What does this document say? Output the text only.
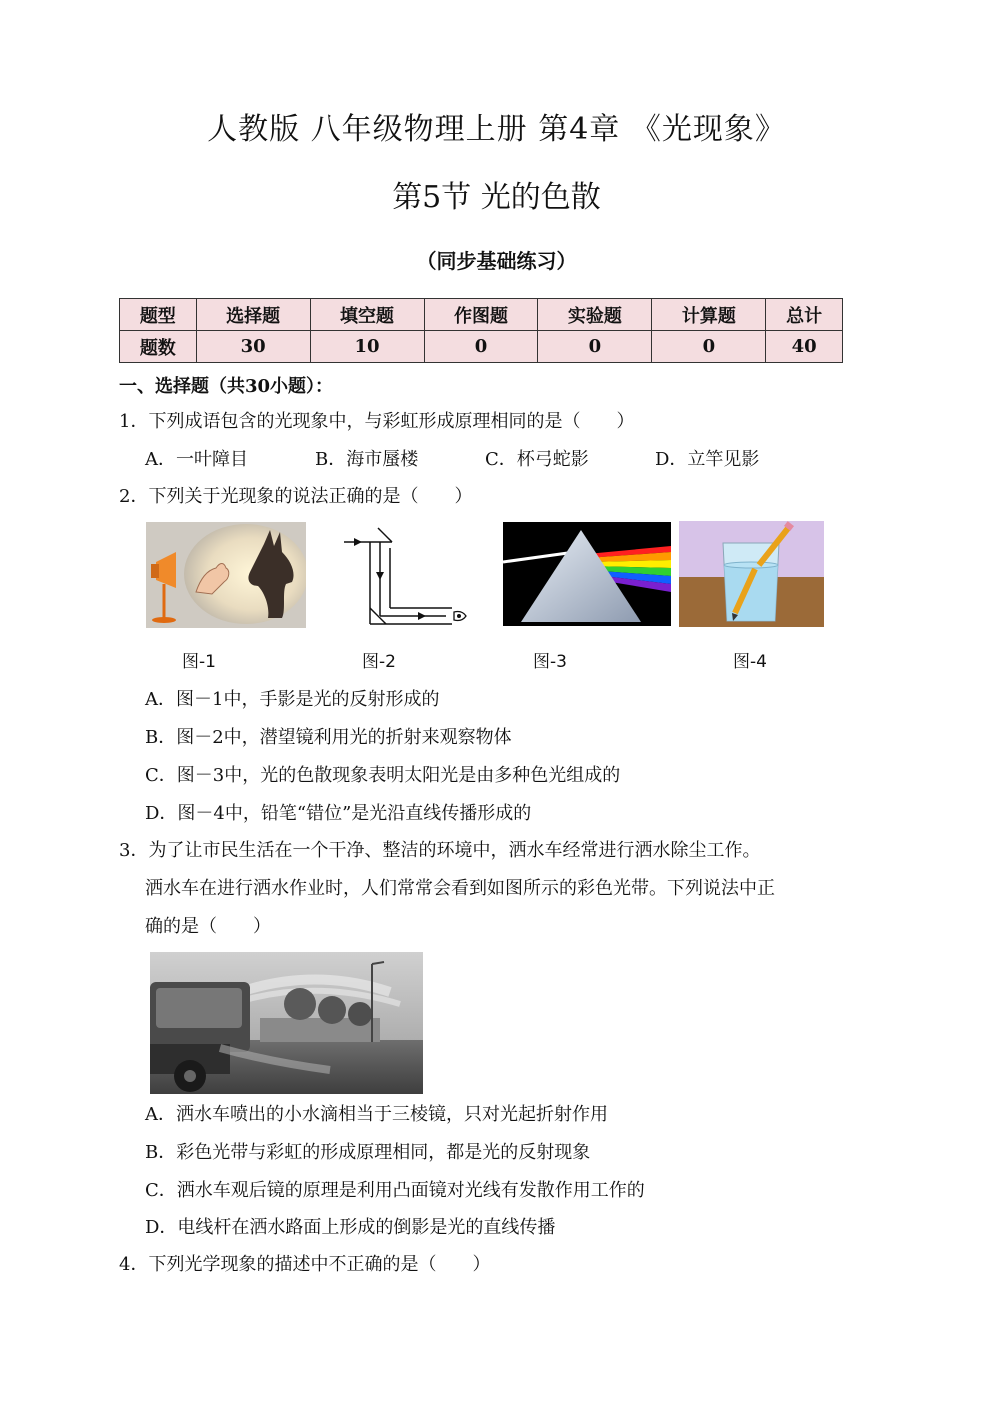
人教版 八年级物理上册 第4章 《光现象》
第5节 光的色散
（同步基础练习）
题型	选择题	填空题	作图题	实验题	计算题	总计
题数	30	10	0	0	0	40
一、选择题（共30小题）：
1．下列成语包含的光现象中，与彩虹形成原理相同的是（　　）
A．一叶障目	B．海市蜃楼	C．杯弓蛇影	D．立竿见影
2．下列关于光现象的说法正确的是（　　）
图-1	图-2	图-3	图-4
A．图－1中，手影是光的反射形成的
B．图－2中，潜望镜利用光的折射来观察物体
C．图－3中，光的色散现象表明太阳光是由多种色光组成的
D．图－4中，铅笔“错位”是光沿直线传播形成的
3．为了让市民生活在一个干净、整洁的环境中，洒水车经常进行洒水除尘工作。
洒水车在进行洒水作业时，人们常常会看到如图所示的彩色光带。下列说法中正
确的是（　　）
A．洒水车喷出的小水滴相当于三棱镜，只对光起折射作用
B．彩色光带与彩虹的形成原理相同，都是光的反射现象
C．洒水车观后镜的原理是利用凸面镜对光线有发散作用工作的
D．电线杆在洒水路面上形成的倒影是光的直线传播
4．下列光学现象的描述中不正确的是（　　）
